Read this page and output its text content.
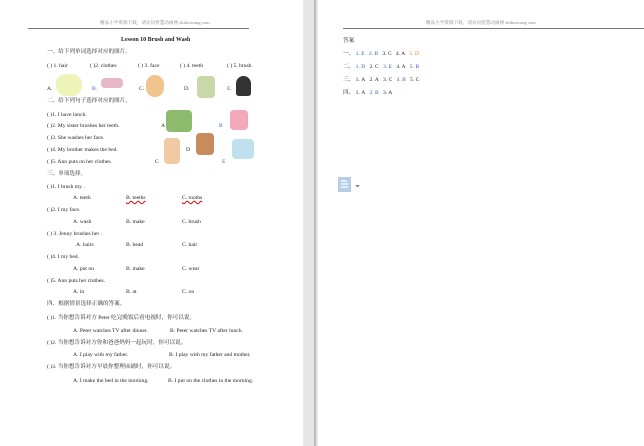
精品小学资源下载，请访问智慧动画网 zhihuiwang.com
Lesson 10 Brush and Wash
一、给下列单词选择对应的图片。
( ) 1. hair	( )2. clothes	( ) 3. face	( ) 4. teeth	( ) 5. brush
A.	B.	C.	D.	E.
二、给下列句子选择对应的图片。
( )1. I have lunch.
( )2. My sister brushes her teeth.
( )3. She washes her face.
( )4. My brother makes the bed.
( )5. Ann puts on her clothes.
A	B
D
C	E
三、单项选择。
( )1. I brush my .
A. teeth	B. teeths	C. tooths
( )2. I my face.
A. wash	B. make	C. brush
( ) 3. Jenny brushes her .
A. hairs	B. head	C. hair
( )4. I my bed.
A. put on	B. make	C. wear
( )5. Ann puts her clothes.
A. in	B. at	C. on
四、根据情景选择正确的答案。
( )1. 当你想告诉对方 Peter 吃完晚饭后看电视时，你可以说。
A. Peter watches TV after dinner.	B. Peter watches TV after lunch.
( )2. 当你想告诉对方你和爸爸妈妈一起玩时，你可以说。
A. I play with my father.	B. I play with my father and mother.
( )3. 当你想告诉对方早晨你整理床铺时，你可以说。
A. I make the bed in the morning.	B. I put on the clothes in the morning.
精品小学资源下载，请访问智慧动画网 zhihuiwang.com
答案
一、 1. E 2. B 3. C 4. A 5. D
二、 1. D 2. C 3. E 4. A 5. B
三、 1. A 2. A 3. C 4. B 5. C
四、 1. A 2. B 3. A
